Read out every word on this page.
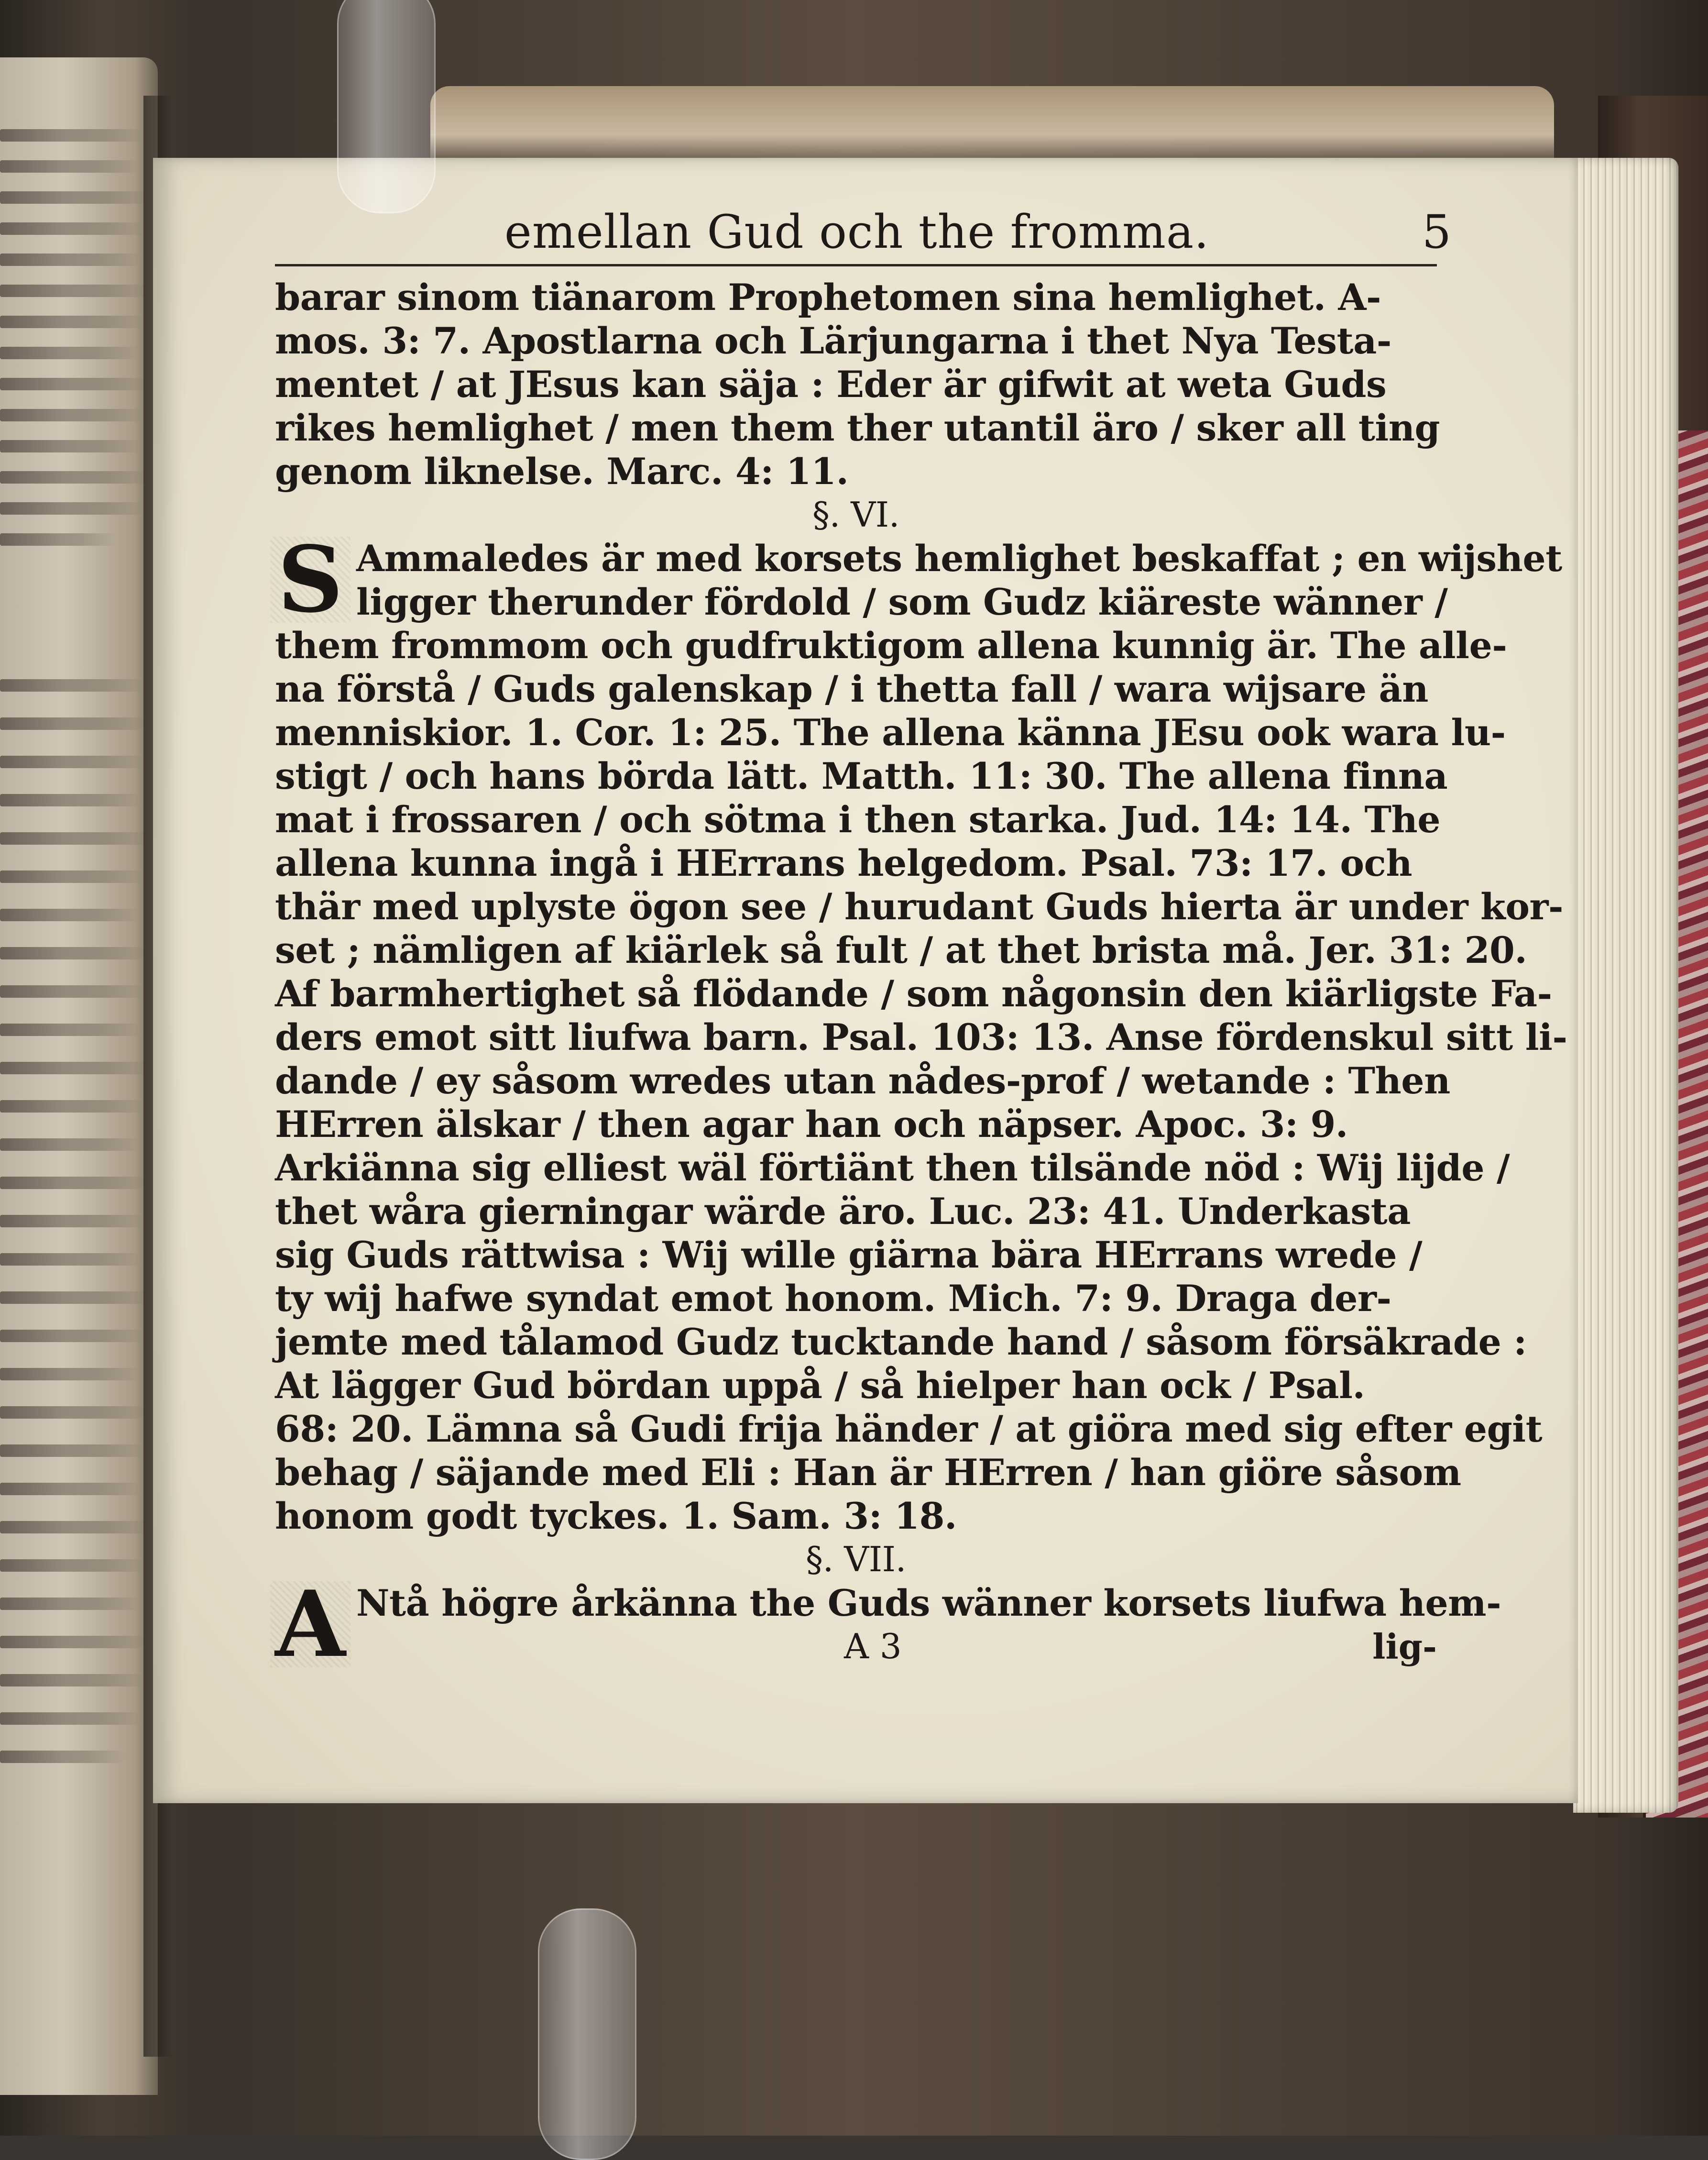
emellan Gud och the fromma.	5
barar sinom tiänarom Prophetomen sina hemlighet. A-
mos. 3: 7. Apostlarna och Lärjungarna i thet Nya Testa-
mentet / at JEsus kan säja : Eder är gifwit at weta Guds
rikes hemlighet / men them ther utantil äro / sker all ting
genom liknelse. Marc. 4: 11.
§. VI.
S Ammaledes är med korsets hemlighet beskaffat ; en wijshet
ligger therunder fördold / som Gudz kiäreste wänner /
them frommom och gudfruktigom allena kunnig är. The alle-
na förstå / Guds galenskap / i thetta fall / wara wijsare än
menniskior. 1. Cor. 1: 25. The allena känna JEsu ook wara lu-
stigt / och hans bördа lätt. Matth. 11: 30. The allena finna
mat i frossaren / och sötma i then starka. Jud. 14: 14. The
allena kunna ingå i HErrans helgedom. Psal. 73: 17. och
thär med uplyste ögon see / hurudant Guds hierta är under kor-
set ; nämligen af kiärlek så fult / at thet brista må. Jer. 31: 20.
Af barmhertighet så flödande / som någonsin den kiärligste Fa-
ders emot sitt liufwa barn. Psal. 103: 13. Anse fördenskul sitt li-
dande / ey såsom wredes utan nådes-prof / wetande : Then
HErren älskar / then agar han och näpser. Apoc. 3: 9.
Arkiänna sig elliest wäl förtiänt then tilsände nöd : Wij lijde /
thet wåra gierningar wärde äro. Luc. 23: 41. Underkasta
sig Guds rättwisa : Wij wille giärna bära HErrans wrede /
ty wij hafwe syndat emot honom. Mich. 7: 9. Draga der-
jemte med tålamod Gudz tucktande hand / såsom försäkrade :
At lägger Gud bördan uppå / så hielper han ock / Psal.
68: 20. Lämna så Gudi frija händer / at giöra med sig efter egit
behag / säjande med Eli : Han är HErren / han giöre såsom
honom godt tyckes. 1. Sam. 3: 18.
§. VII.
A Ntå högre årkänna the Guds wänner korsets liufwa hem-
A 3	lig-
